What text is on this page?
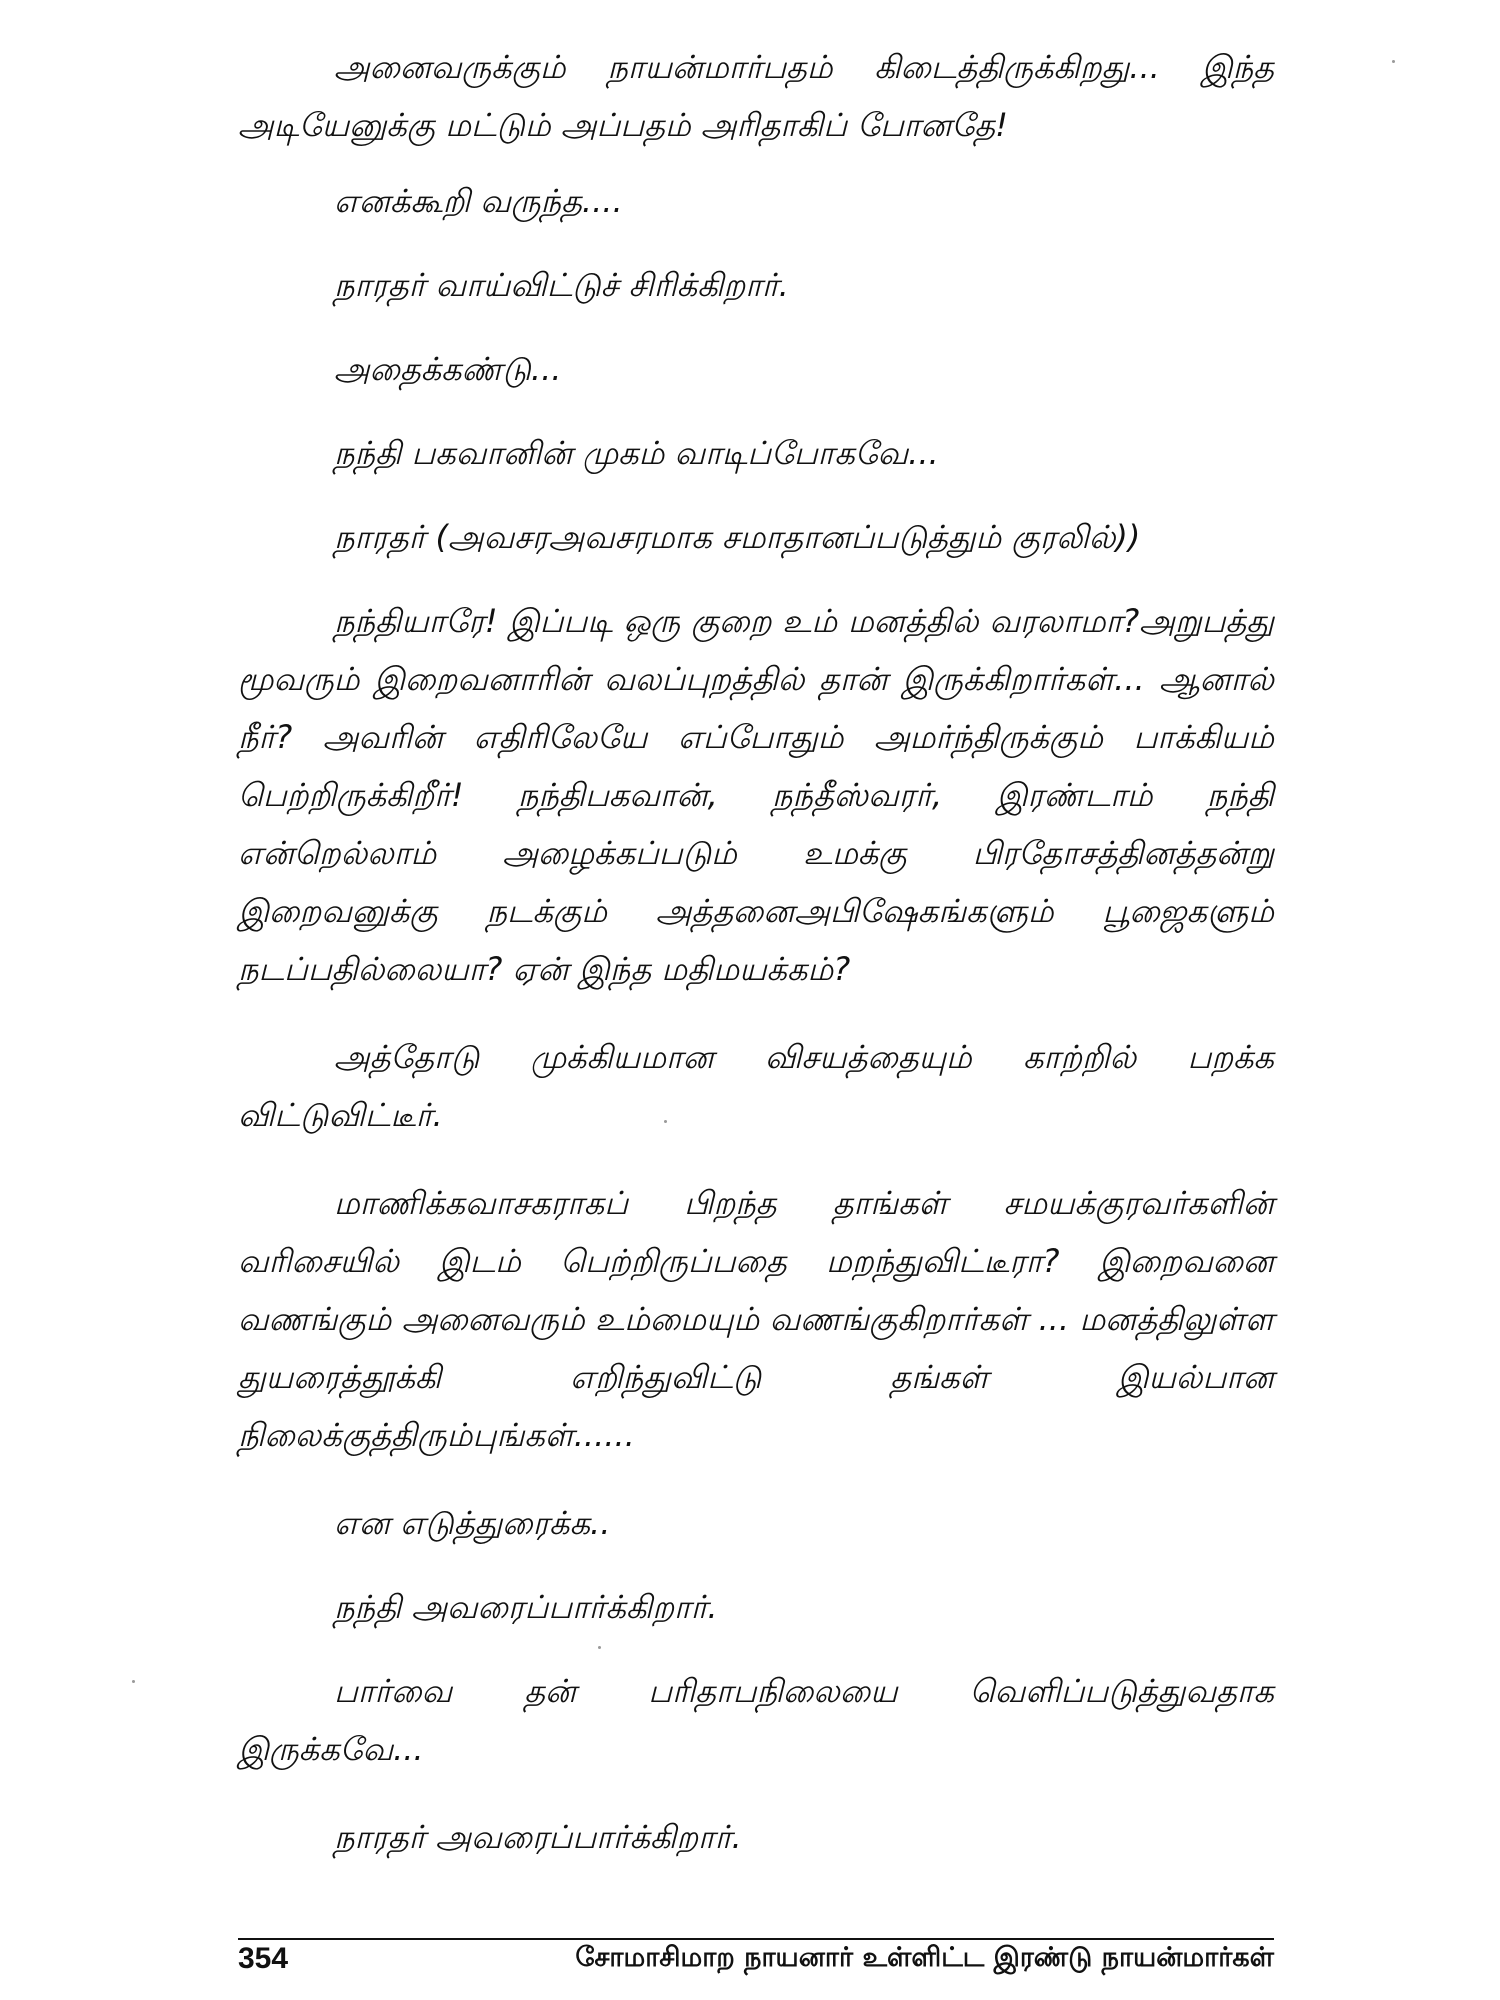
அனைவருக்கும் நாயன்மார்பதம் கிடைத்திருக்கிறது... இந்த அடியேனுக்கு மட்டும் அப்பதம் அரிதாகிப் போனதே!

எனக்கூறி வருந்த....

நாரதர் வாய்விட்டுச் சிரிக்கிறார்.

அதைக்கண்டு...

நந்தி பகவானின் முகம் வாடிப்போகவே...

நாரதர் (அவசரஅவசரமாக சமாதானப்படுத்தும் குரலில்))

நந்தியாரே! இப்படி ஒரு குறை உம் மனத்தில் வரலாமா?அறுபத்து மூவரும் இறைவனாரின் வலப்புறத்தில் தான் இருக்கிறார்கள்... ஆனால் நீர்? அவரின் எதிரிலேயே எப்போதும் அமர்ந்திருக்கும் பாக்கியம் பெற்றிருக்கிறீர்! நந்திபகவான், நந்தீஸ்வரர், இரண்டாம் நந்தி என்றெல்லாம் அழைக்கப்படும் உமக்கு பிரதோசத்தினத்தன்று இறைவனுக்கு நடக்கும் அத்தனைஅபிஷேகங்களும் பூஜைகளும் நடப்பதில்லையா? ஏன் இந்த மதிமயக்கம்?

அத்தோடு முக்கியமான விசயத்தையும் காற்றில் பறக்க விட்டுவிட்டீர்.

மாணிக்கவாசகராகப் பிறந்த தாங்கள் சமயக்குரவர்களின் வரிசையில் இடம் பெற்றிருப்பதை மறந்துவிட்டீரா? இறைவனை வணங்கும் அனைவரும் உம்மையும் வணங்குகிறார்கள் ... மனத்திலுள்ள துயரைத்தூக்கி எறிந்துவிட்டு தங்கள் இயல்பான நிலைக்குத்திரும்புங்கள்......

என எடுத்துரைக்க..

நந்தி அவரைப்பார்க்கிறார்.

பார்வை தன் பரிதாபநிலையை வெளிப்படுத்துவதாக இருக்கவே...

நாரதர் அவரைப்பார்க்கிறார்.

354	சோமாசிமாற நாயனார் உள்ளிட்ட இரண்டு நாயன்மார்கள்
